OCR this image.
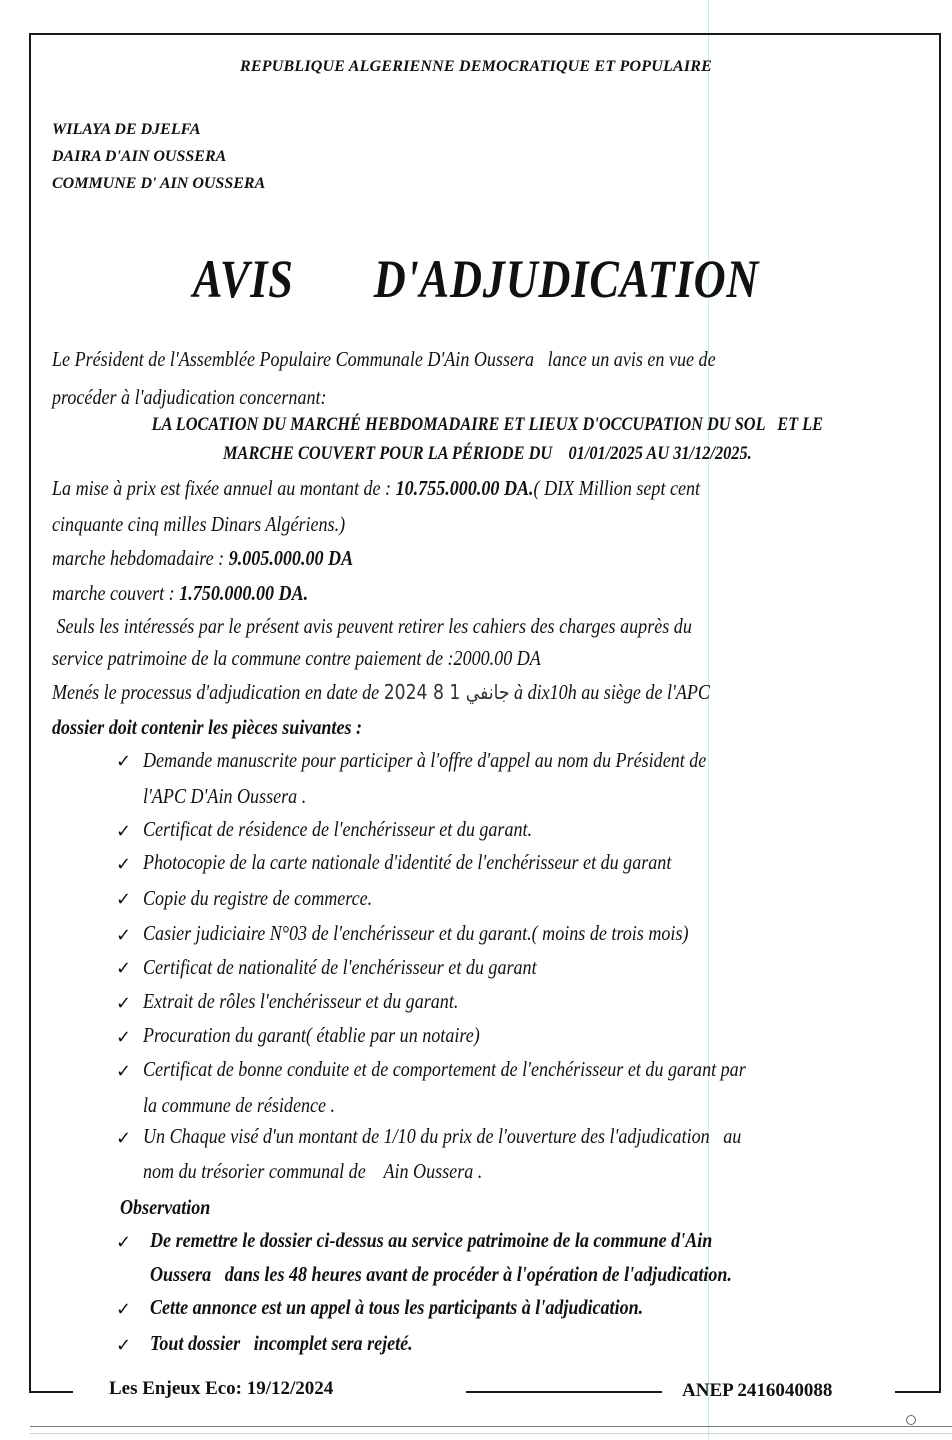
REPUBLIQUE ALGERIENNE DEMOCRATIQUE ET POPULAIRE
WILAYA DE DJELFA
DAIRA D'AIN OUSSERA
COMMUNE D' AIN OUSSERA
AVIS   D'ADJUDICATION
Le Président de l'Assemblée Populaire Communale D'Ain Oussera   lance un avis en vue de
procéder à l'adjudication concernant:
LA LOCATION DU MARCHÉ HEBDOMADAIRE ET LIEUX D'OCCUPATION DU SOL   ET LE
MARCHE COUVERT POUR LA PÉRIODE DU    01/01/2025 AU 31/12/2025.
La mise à prix est fixée annuel au montant de : 10.755.000.00 DA.( DIX Million sept cent
cinquante cinq milles Dinars Algériens.)
marche hebdomadaire : 9.005.000.00 DA
marche couvert : 1.750.000.00 DA.
Seuls les intéressés par le présent avis peuvent retirer les cahiers des charges auprès du
service patrimoine de la commune contre paiement de :2000.00 DA
Menés le processus d'adjudication en date de 2024 جانفي 1 8 à dix10h au siège de l'APC
dossier doit contenir les pièces suivantes :
✓ Demande manuscrite pour participer à l'offre d'appel au nom du Président de
l'APC D'Ain Oussera .
✓ Certificat de résidence de l'enchérisseur et du garant.
✓ Photocopie de la carte nationale d'identité de l'enchérisseur et du garant
✓ Copie du registre de commerce.
✓ Casier judiciaire N°03 de l'enchérisseur et du garant.( moins de trois mois)
✓ Certificat de nationalité de l'enchérisseur et du garant
✓ Extrait de rôles l'enchérisseur et du garant.
✓ Procuration du garant( établie par un notaire)
✓ Certificat de bonne conduite et de comportement de l'enchérisseur et du garant par
la commune de résidence .
✓ Un Chaque visé d'un montant de 1/10 du prix de l'ouverture des l'adjudication   au
nom du trésorier communal de    Ain Oussera .
Observation
✓ De remettre le dossier ci-dessus au service patrimoine de la commune d'Ain
Oussera   dans les 48 heures avant de procéder à l'opération de l'adjudication.
✓ Cette annonce est un appel à tous les participants à l'adjudication.
✓ Tout dossier   incomplet sera rejeté.
Les Enjeux Eco: 19/12/2024	ANEP 2416040088
